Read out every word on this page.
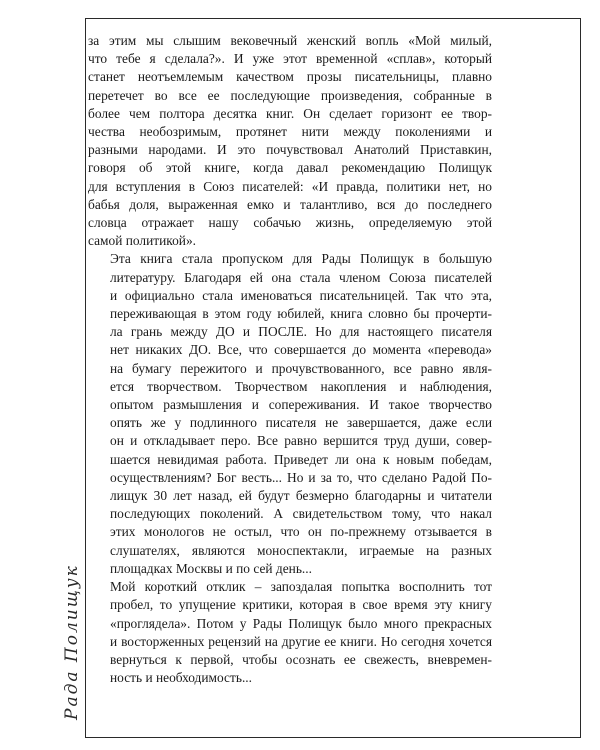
за этим мы слышим вековечный женский вопль «Мой милый,
что тебе я сделала?». И уже этот временной «сплав», который
станет неотъемлемым качеством прозы писательницы, плавно
перетечет во все ее последующие произведения, собранные в
более чем полтора десятка книг. Он сделает горизонт ее твор-
чества необозримым, протянет нити между поколениями и
разными народами. И это почувствовал Анатолий Приставкин,
говоря об этой книге, когда давал рекомендацию Полищук
для вступления в Союз писателей: «И правда, политики нет, но
бабья доля, выраженная емко и талантливо, вся до последнего
словца отражает нашу собачью жизнь, определяемую этой
самой политикой».

Эта книга стала пропуском для Рады Полищук в большую
литературу. Благодаря ей она стала членом Союза писателей
и официально стала именоваться писательницей. Так что эта,
переживающая в этом году юбилей, книга словно бы прочерти-
ла грань между ДО и ПОСЛЕ. Но для настоящего писателя
нет никаких ДО. Все, что совершается до момента «перевода»
на бумагу пережитого и прочувствованного, все равно явля-
ется творчеством. Творчеством накопления и наблюдения,
опытом размышления и сопереживания. И такое творчество
опять же у подлинного писателя не завершается, даже если
он и откладывает перо. Все равно вершится труд души, совер-
шается невидимая работа. Приведет ли она к новым победам,
осуществлениям? Бог весть... Но и за то, что сделано Радой По-
лищук 30 лет назад, ей будут безмерно благодарны и читатели
последующих поколений. А свидетельством тому, что накал
этих монологов не остыл, что он по-прежнему отзывается в
слушателях, являются моноспектакли, играемые на разных
площадках Москвы и по сей день...

Мой короткий отклик – запоздалая попытка восполнить тот
пробел, то упущение критики, которая в свое время эту книгу
«проглядела». Потом у Рады Полищук было много прекрасных
и восторженных рецензий на другие ее книги. Но сегодня хочется
вернуться к первой, чтобы осознать ее свежесть, вневремен-
ность и необходимость...

Рада Полищук
